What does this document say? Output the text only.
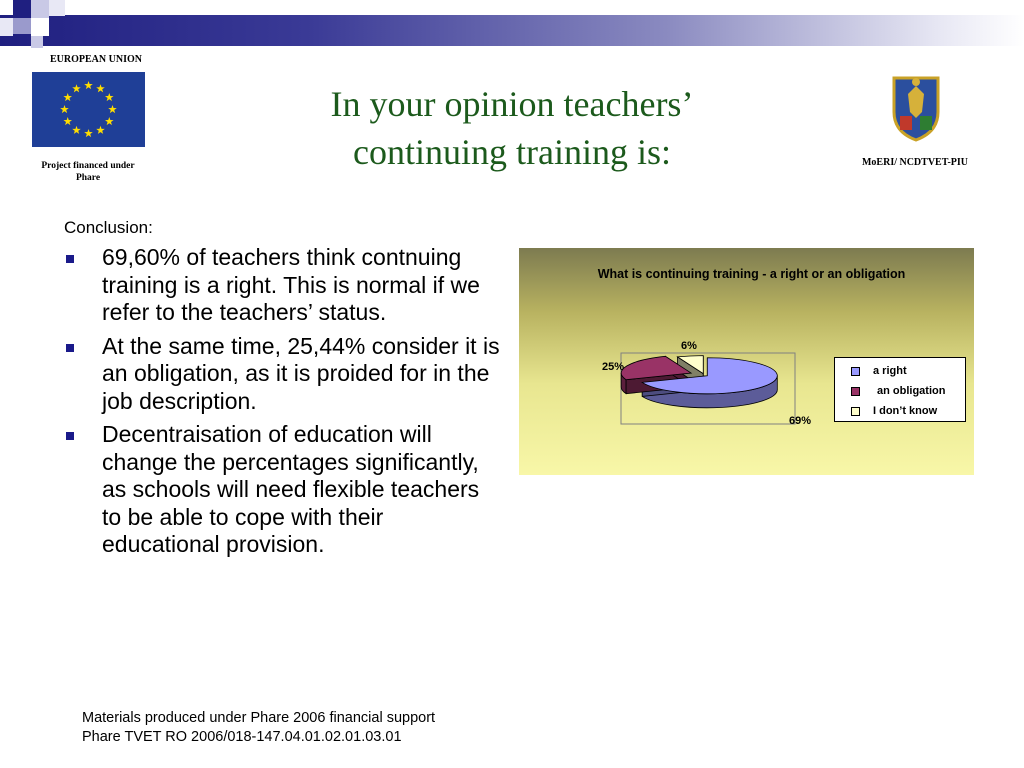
EUROPEAN UNION
Project financed under
Phare
In your opinion teachers’
continuing training is:	MoERI/ NCDTVET-PIU
Conclusion:
69,60% of teachers think contnuing training is a right. This is normal if we refer to the teachers’ status.
At the same time, 25,44% consider it is an obligation, as it is proided for in the job description.
Decentraisation of education will change the percentages significantly, as schools will need flexible teachers to be able to cope with their educational provision.
What is continuing training - a right or an obligation
69%
25%
6%
a right
an obligation
I don’t know
Materials produced under Phare 2006 financial support
Phare TVET RO 2006/018-147.04.01.02.01.03.01
